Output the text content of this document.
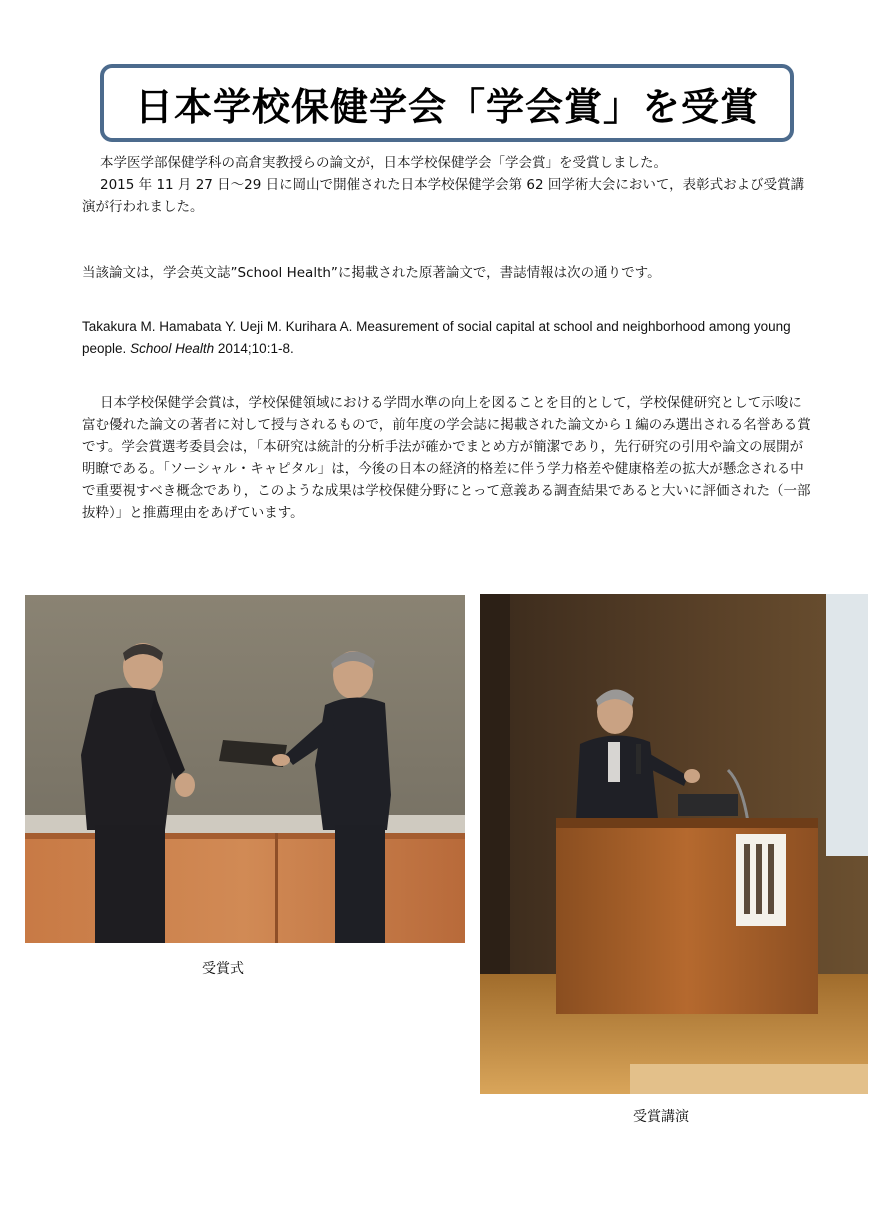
日本学校保健学会「学会賞」を受賞

本学医学部保健学科の高倉実教授らの論文が，日本学校保健学会「学会賞」を受賞しました。

2015 年 11 月 27 日～29 日に岡山で開催された日本学校保健学会第 62 回学術大会において，表彰式および受賞講演が行われました。

当該論文は，学会英文誌”School Health”に掲載された原著論文で，書誌情報は次の通りです。

Takakura M. Hamabata Y. Ueji M. Kurihara A. Measurement of social capital at school and neighborhood among young people. School Health 2014;10:1-8.

日本学校保健学会賞は，学校保健領域における学問水準の向上を図ることを目的として，学校保健研究として示唆に富む優れた論文の著者に対して授与されるもので，前年度の学会誌に掲載された論文から１編のみ選出される名誉ある賞です。学会賞選考委員会は，「本研究は統計的分析手法が確かでまとめ方が簡潔であり，先行研究の引用や論文の展開が明瞭である。「ソーシャル・キャピタル」は，今後の日本の経済的格差に伴う学力格差や健康格差の拡大が懸念される中で重要視すべき概念であり，このような成果は学校保健分野にとって意義ある調査結果であると大いに評価された（一部抜粋）」と推薦理由をあげています。

受賞式
受賞講演
